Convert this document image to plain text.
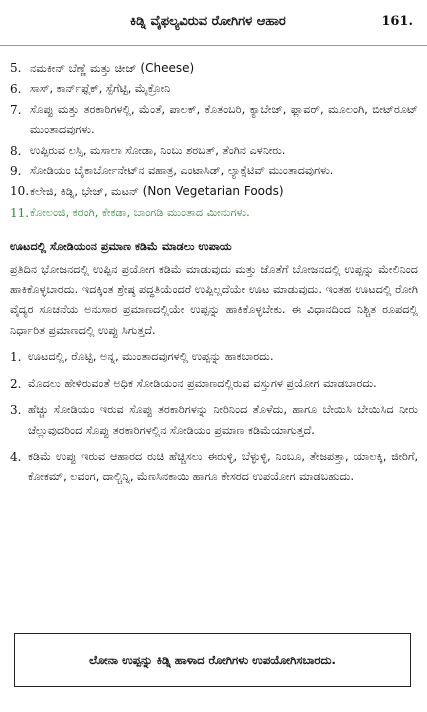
ಕಿಡ್ನಿ ವೈಫಲ್ಯವಿರುವ ರೋಗಿಗಳ ಆಹಾರ	161.
5. ನಮಕೀನ್ ಬೆಣ್ಣೆ ಮತ್ತು ಚೀಜ್ (Cheese)
6. ಸಾಸ್, ಕಾರ್ನ್‌ಫ್ಲೆಕ್, ಸ್ಪೆಗೆಟ್ಟಿ, ಮೈಕ್ರೋನಿ
7. ಸೊಪ್ಪು ಮತ್ತು ತರಕಾರಿಗಳಲ್ಲಿ, ಮೆಂತೆ, ಪಾಲಕ್, ಕೊತಂಬರಿ, ಕ್ಯಾಬೇಜ್, ಫ್ಲಾವರ್, ಮೂಲಂಗಿ, ಬೀಟ್‌ರೂಟ್ ಮುಂತಾದವುಗಳು.
8. ಉಪ್ಪಿರುವ ಲಸ್ಸಿ, ಮಸಾಲಾ ಸೋಡಾ, ನಿಂಬು ಶರಬತ್, ತೆಂಗಿನ ಎಳನೀರು.
9. ಸೋಡಿಯಂ ಬೈಕಾರ್ಬೋನೇಟ್‌ನ ವಹಾತ್ರ, ಎಂಟಾಸಿಡ್, ಲ್ಯಾಕ್ಸೆಟಿವ್ ಮುಂತಾದವುಗಳು.
10. ಕಲೇಜಿ, ಕಿಡ್ನಿ, ಭೇಜ್, ಮಟನ್ (Non Vegetarian Foods)
11. ಕೋಲಂಜಿ, ಕರಂಗಿ, ಕೇಕಡಾ, ಬಾಂಗಡಿ ಮುಂತಾದ ಮೀನುಗಳು.
ಊಟದಲ್ಲಿ ಸೋಡಿಯಂನ ಪ್ರಮಾಣ ಕಡಿಮೆ ಮಾಡಲು ಉಪಾಯ
ಪ್ರತಿದಿನ ಭೋಜನದಲ್ಲಿ ಉಪ್ಪಿನ ಪ್ರಯೋಗ ಕಡಿಮೆ ಮಾಡುವುದು ಮತ್ತು ಜೊತೆಗೆ ಬೋಜನದಲ್ಲಿ ಉಪ್ಪನ್ನು ಮೇಲಿನಿಂದ ಹಾಕಿಕೊಳ್ಳಬಾರದು. ಇದಕ್ಕಿಂತ ಶ್ರೇಷ್ಠ ಪದ್ಧತಿಯೆಂದರೆ ಉಪ್ಪಿಲ್ಲದೆಯೇ ಊಟ ಮಾಡುವುದು. ಇಂತಹ ಊಟದಲ್ಲಿ ರೋಗಿ ವೈದ್ಯರ ಸೂಚನೆಯ ಅನುಸಾರ ಪ್ರಮಾಣದಲ್ಲಿಯೇ ಉಪ್ಪನ್ನು ಹಾಕಿಕೊಳ್ಳಬೇಕು. ಈ ವಿಧಾನದಿಂದ ನಿಶ್ಚಿತ ರೂಪದಲ್ಲಿ ನಿರ್ಧಾರಿತ ಪ್ರಮಾಣದಲ್ಲಿ ಉಪ್ಪು ಸಿಗುತ್ತದೆ.
1. ಊಟದಲ್ಲಿ, ರೊಟ್ಟಿ, ಅನ್ನ, ಮುಂತಾದವುಗಳಲ್ಲಿ ಉಪ್ಪನ್ನು ಹಾಕಬಾರದು.
2. ಮೊದಲು ಹೇಳಿರುವಂತೆ ಅಧಿಕ ಸೋಡಿಯಂನ ಪ್ರಮಾಣದಲ್ಲಿರುವ ವಸ್ತುಗಳ ಪ್ರಯೋಗ ಮಾಡಬಾರದು.
3. ಹೆಚ್ಚು ಸೋಡಿಯಂ ಇರುವ ಸೊಪ್ಪು ತರಕಾರಿಗಳನ್ನು ನೀರಿನಿಂದ ತೊಳೆದು, ಹಾಗೂ ಬೇಯಿಸಿ ಬೇಯಿಸಿದ ನೀರು ಚೆಲ್ಲುವುದರಿಂದ ಸೊಪ್ಪು ತರಕಾರಿಗಳಲ್ಲಿನ ಸೋಡಿಯಂ ಪ್ರಮಾಣ ಕಡಿಮೆಯಾಗುತ್ತದೆ.
4. ಕಡಿಮೆ ಉಪ್ಪು ಇರುವ ಆಹಾರದ ರುಚಿ ಹೆಚ್ಚಿಸಲು ಈರುಳ್ಳಿ, ಬೆಳ್ಳುಳ್ಳಿ, ನಿಂಬೂ, ತೇಜಪತ್ತಾ, ಯಾಲಕ್ಕಿ, ಜೀರಿಗೆ, ಕೋಕಮ್, ಲವಂಗ, ದಾಲ್ಚಿನ್ನಿ, ಮೆಣಸಿನಕಾಯಿ ಹಾಗೂ ಕೇಸರದ ಉಪಯೋಗ ಮಾಡಬಹುದು.
ಲೋನಾ ಉಪ್ಪನ್ನು ಕಿಡ್ನಿ ಹಾಳಾದ ರೋಗಿಗಳು ಉಪಯೋಗಿಸಬಾರದು.
